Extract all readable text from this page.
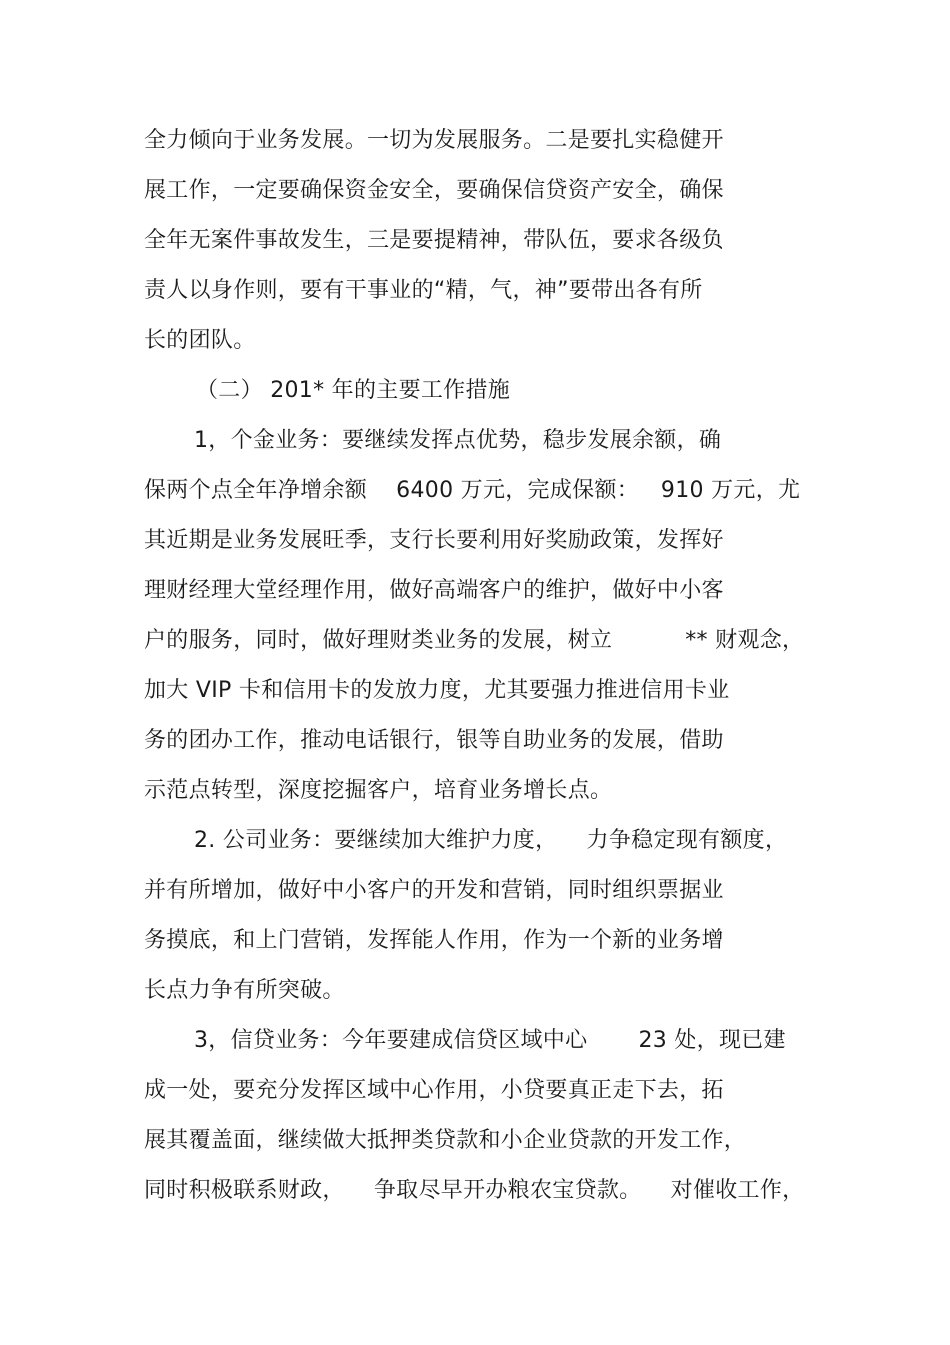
全力倾向于业务发展。一切为发展服务。二是要扎实稳健开
展工作，一定要确保资金安全，要确保信贷资产安全，确保
全年无案件事故发生，三是要提精神，带队伍，要求各级负
责人以身作则，要有干事业的“精，气，神”要带出各有所
长的团队。
（二） 201* 年的主要工作措施
1，个金业务：要继续发挥点优势，稳步发展余额，确
保两个点全年净增余额    6400 万元，完成保额：   910 万元，尤
其近期是业务发展旺季，支行长要利用好奖励政策，发挥好
理财经理大堂经理作用，做好高端客户的维护，做好中小客
户的服务，同时，做好理财类业务的发展，树立          ** 财观念，
加大 VIP 卡和信用卡的发放力度，尤其要强力推进信用卡业
务的团办工作，推动电话银行，银等自助业务的发展，借助
示范点转型，深度挖掘客户，培育业务增长点。
2. 公司业务：要继续加大维护力度，    力争稳定现有额度，
并有所增加，做好中小客户的开发和营销，同时组织票据业
务摸底，和上门营销，发挥能人作用，作为一个新的业务增
长点力争有所突破。
3，信贷业务：今年要建成信贷区域中心       23 处，现已建
成一处，要充分发挥区域中心作用，小贷要真正走下去，拓
展其覆盖面，继续做大抵押类贷款和小企业贷款的开发工作，
同时积极联系财政，    争取尽早开办粮农宝贷款。    对催收工作，
